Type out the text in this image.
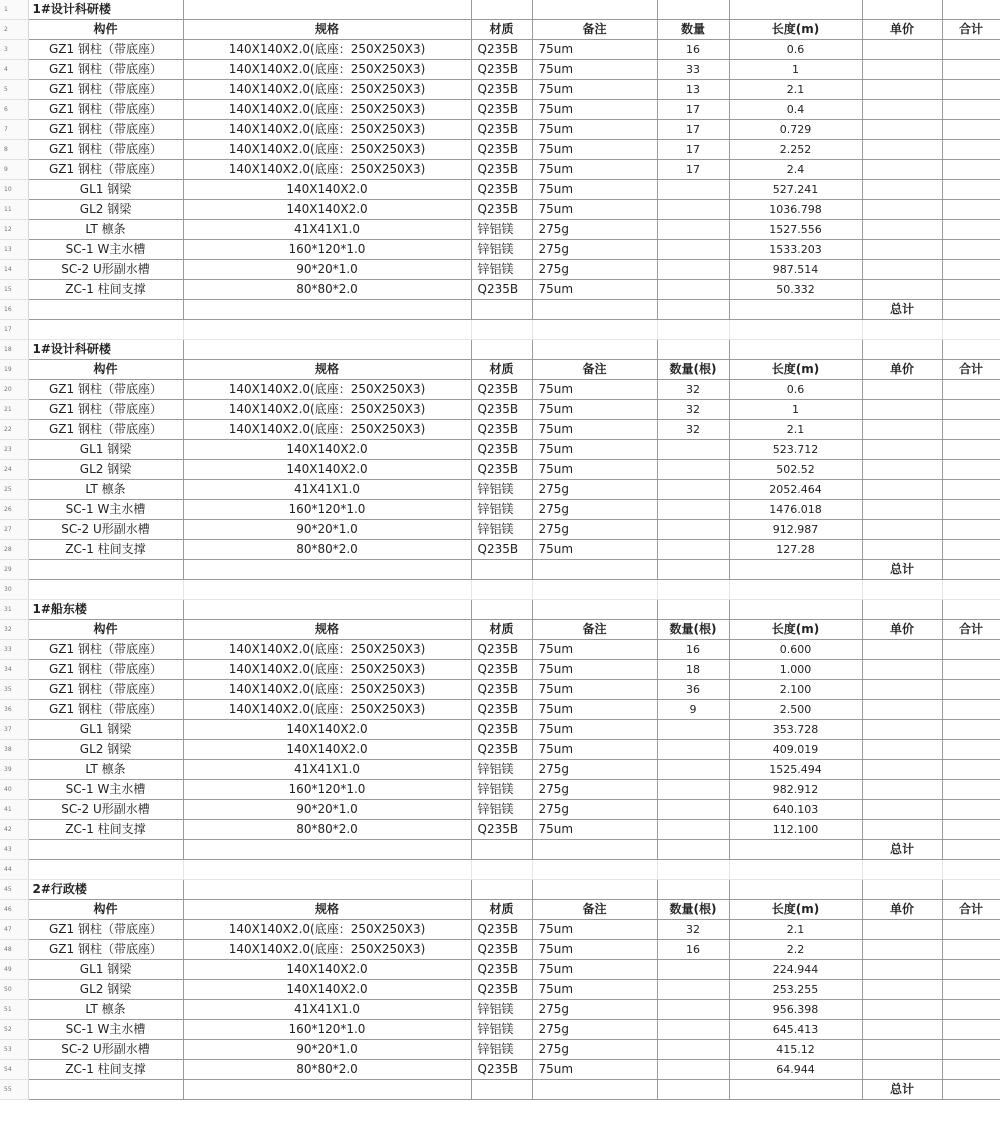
1	1#设计科研楼							
2	构件	规格	材质	备注	数量	长度(m)	单价	合计
3	GZ1 钢柱（带底座）	140X140X2.0(底座：250X250X3)	Q235B	75um	16	0.6		
4	GZ1 钢柱（带底座）	140X140X2.0(底座：250X250X3)	Q235B	75um	33	1		
5	GZ1 钢柱（带底座）	140X140X2.0(底座：250X250X3)	Q235B	75um	13	2.1		
6	GZ1 钢柱（带底座）	140X140X2.0(底座：250X250X3)	Q235B	75um	17	0.4		
7	GZ1 钢柱（带底座）	140X140X2.0(底座：250X250X3)	Q235B	75um	17	0.729		
8	GZ1 钢柱（带底座）	140X140X2.0(底座：250X250X3)	Q235B	75um	17	2.252		
9	GZ1 钢柱（带底座）	140X140X2.0(底座：250X250X3)	Q235B	75um	17	2.4		
10	GL1 钢梁	140X140X2.0	Q235B	75um		527.241		
11	GL2 钢梁	140X140X2.0	Q235B	75um		1036.798		
12	LT 檩条	41X41X1.0	锌铝镁	275g		1527.556		
13	SC-1 W主水槽	160*120*1.0	锌铝镁	275g		1533.203		
14	SC-2 U形副水槽	90*20*1.0	锌铝镁	275g		987.514		
15	ZC-1 柱间支撑	80*80*2.0	Q235B	75um		50.332		
16							总计	
17								
18	1#设计科研楼							
19	构件	规格	材质	备注	数量(根)	长度(m)	单价	合计
20	GZ1 钢柱（带底座）	140X140X2.0(底座：250X250X3)	Q235B	75um	32	0.6		
21	GZ1 钢柱（带底座）	140X140X2.0(底座：250X250X3)	Q235B	75um	32	1		
22	GZ1 钢柱（带底座）	140X140X2.0(底座：250X250X3)	Q235B	75um	32	2.1		
23	GL1 钢梁	140X140X2.0	Q235B	75um		523.712		
24	GL2 钢梁	140X140X2.0	Q235B	75um		502.52		
25	LT 檩条	41X41X1.0	锌铝镁	275g		2052.464		
26	SC-1 W主水槽	160*120*1.0	锌铝镁	275g		1476.018		
27	SC-2 U形副水槽	90*20*1.0	锌铝镁	275g		912.987		
28	ZC-1 柱间支撑	80*80*2.0	Q235B	75um		127.28		
29							总计	
30								
31	1#船东楼							
32	构件	规格	材质	备注	数量(根)	长度(m)	单价	合计
33	GZ1 钢柱（带底座）	140X140X2.0(底座：250X250X3)	Q235B	75um	16	0.600		
34	GZ1 钢柱（带底座）	140X140X2.0(底座：250X250X3)	Q235B	75um	18	1.000		
35	GZ1 钢柱（带底座）	140X140X2.0(底座：250X250X3)	Q235B	75um	36	2.100		
36	GZ1 钢柱（带底座）	140X140X2.0(底座：250X250X3)	Q235B	75um	9	2.500		
37	GL1 钢梁	140X140X2.0	Q235B	75um		353.728		
38	GL2 钢梁	140X140X2.0	Q235B	75um		409.019		
39	LT 檩条	41X41X1.0	锌铝镁	275g		1525.494		
40	SC-1 W主水槽	160*120*1.0	锌铝镁	275g		982.912		
41	SC-2 U形副水槽	90*20*1.0	锌铝镁	275g		640.103		
42	ZC-1 柱间支撑	80*80*2.0	Q235B	75um		112.100		
43							总计	
44								
45	2#行政楼							
46	构件	规格	材质	备注	数量(根)	长度(m)	单价	合计
47	GZ1 钢柱（带底座）	140X140X2.0(底座：250X250X3)	Q235B	75um	32	2.1		
48	GZ1 钢柱（带底座）	140X140X2.0(底座：250X250X3)	Q235B	75um	16	2.2		
49	GL1 钢梁	140X140X2.0	Q235B	75um		224.944		
50	GL2 钢梁	140X140X2.0	Q235B	75um		253.255		
51	LT 檩条	41X41X1.0	锌铝镁	275g		956.398		
52	SC-1 W主水槽	160*120*1.0	锌铝镁	275g		645.413		
53	SC-2 U形副水槽	90*20*1.0	锌铝镁	275g		415.12		
54	ZC-1 柱间支撑	80*80*2.0	Q235B	75um		64.944		
55							总计	
